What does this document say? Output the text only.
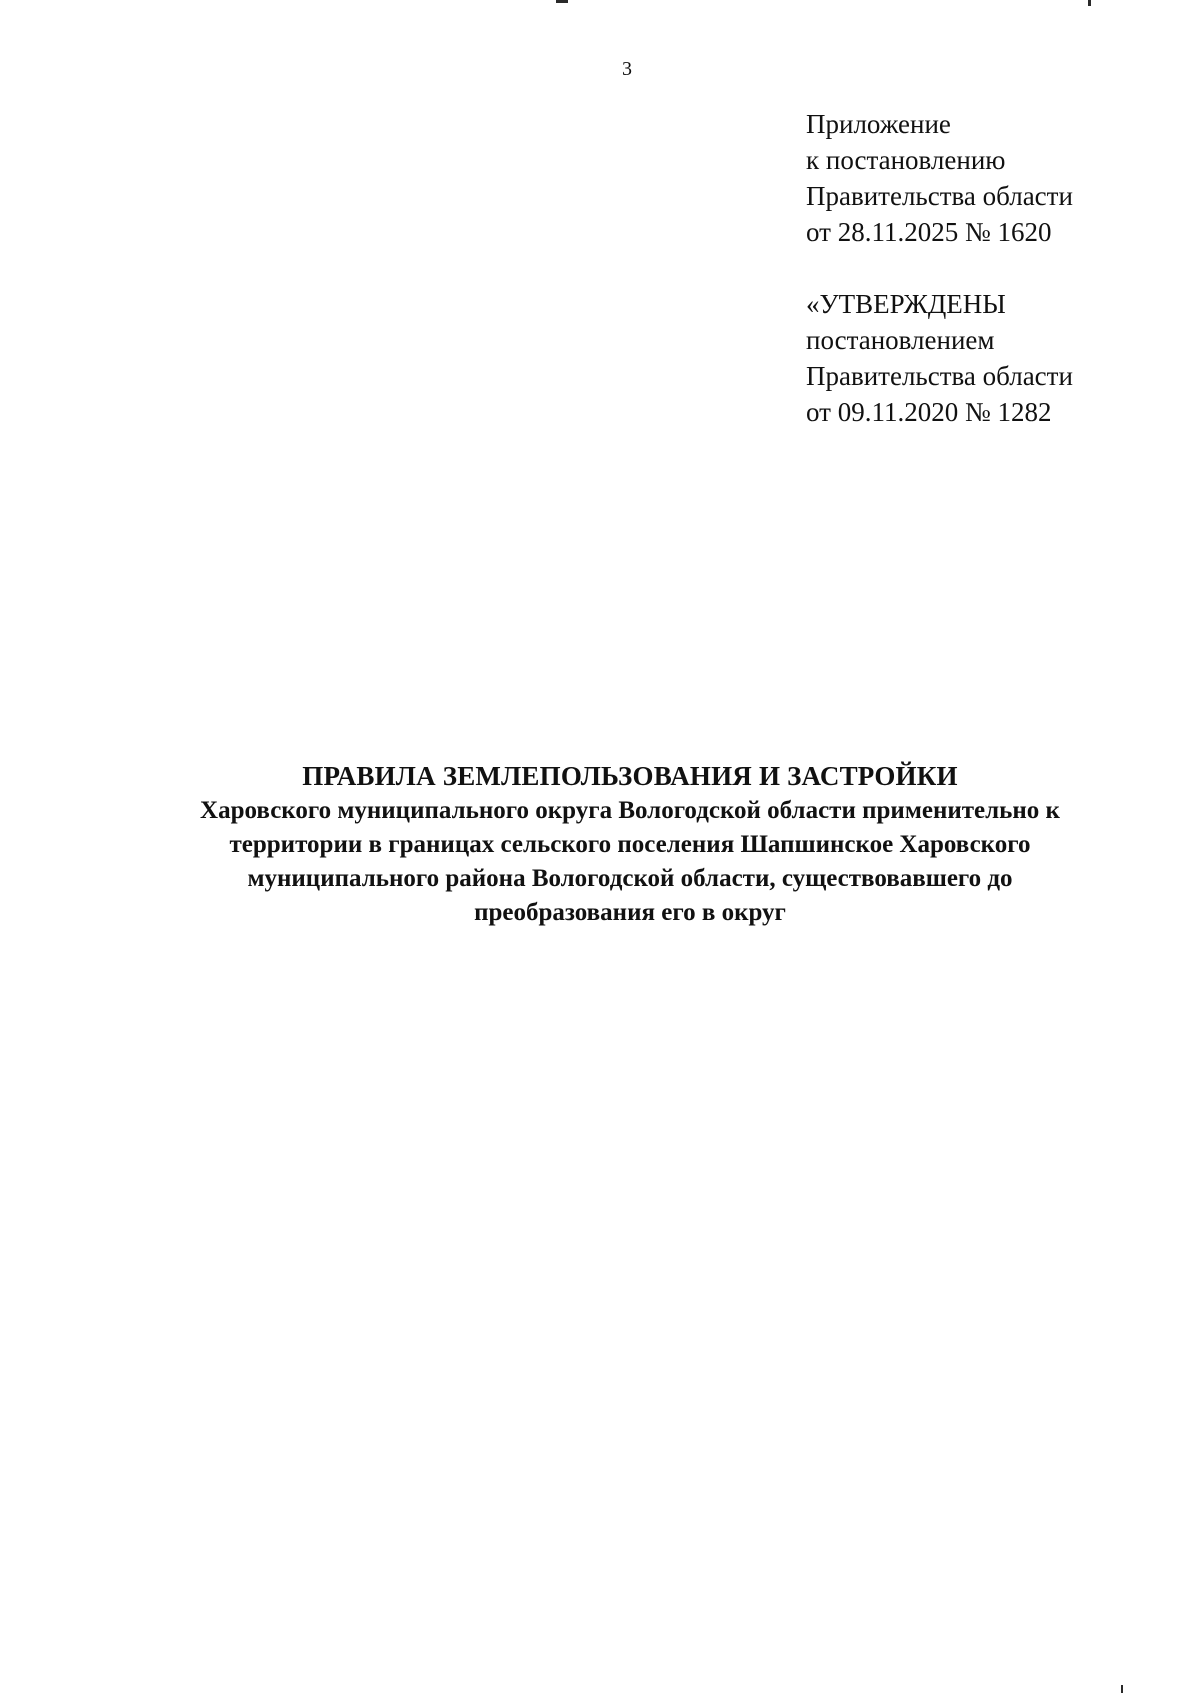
3
Приложение
к постановлению
Правительства области
от 28.11.2025 № 1620
«УТВЕРЖДЕНЫ
постановлением
Правительства области
от 09.11.2020 № 1282
ПРАВИЛА ЗЕМЛЕПОЛЬЗОВАНИЯ И ЗАСТРОЙКИ
Харовского муниципального округа Вологодской области применительно к
территории в границах сельского поселения Шапшинское Харовского
муниципального района Вологодской области, существовавшего до
преобразования его в округ
